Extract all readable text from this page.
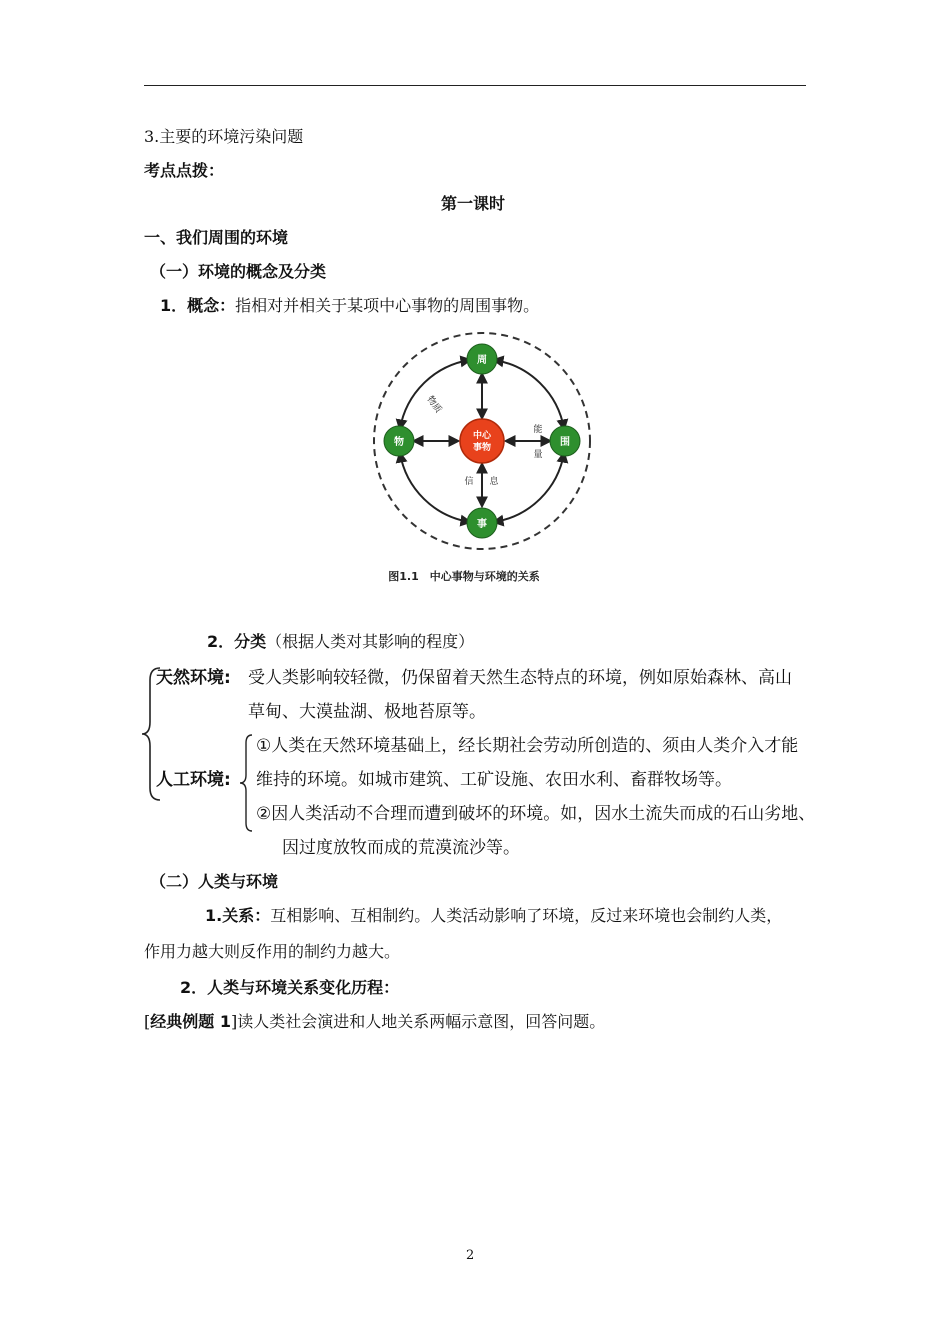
3.主要的环境污染问题
考点点拨：
第一课时
一、我们周围的环境
（一）环境的概念及分类
1．概念：指相对并相关于某项中心事物的周围事物。
中心
事物
周
物	围
事
物质
能
量
信 息
图1.1　中心事物与环境的关系
2．分类（根据人类对其影响的程度）
天然环境: 受人类影响较轻微，仍保留着天然生态特点的环境，例如原始森林、高山
草甸、大漠盐湖、极地苔原等。
人工环境:
①人类在天然环境基础上，经长期社会劳动所创造的、须由人类介入才能
维持的环境。如城市建筑、工矿设施、农田水利、畜群牧场等。
②因人类活动不合理而遭到破坏的环境。如，因水土流失而成的石山劣地、
因过度放牧而成的荒漠流沙等。
（二）人类与环境
1.关系：互相影响、互相制约。人类活动影响了环境，反过来环境也会制约人类，
作用力越大则反作用的制约力越大。
2．人类与环境关系变化历程：
[经典例题 1]读人类社会演进和人地关系两幅示意图，回答问题。
2
